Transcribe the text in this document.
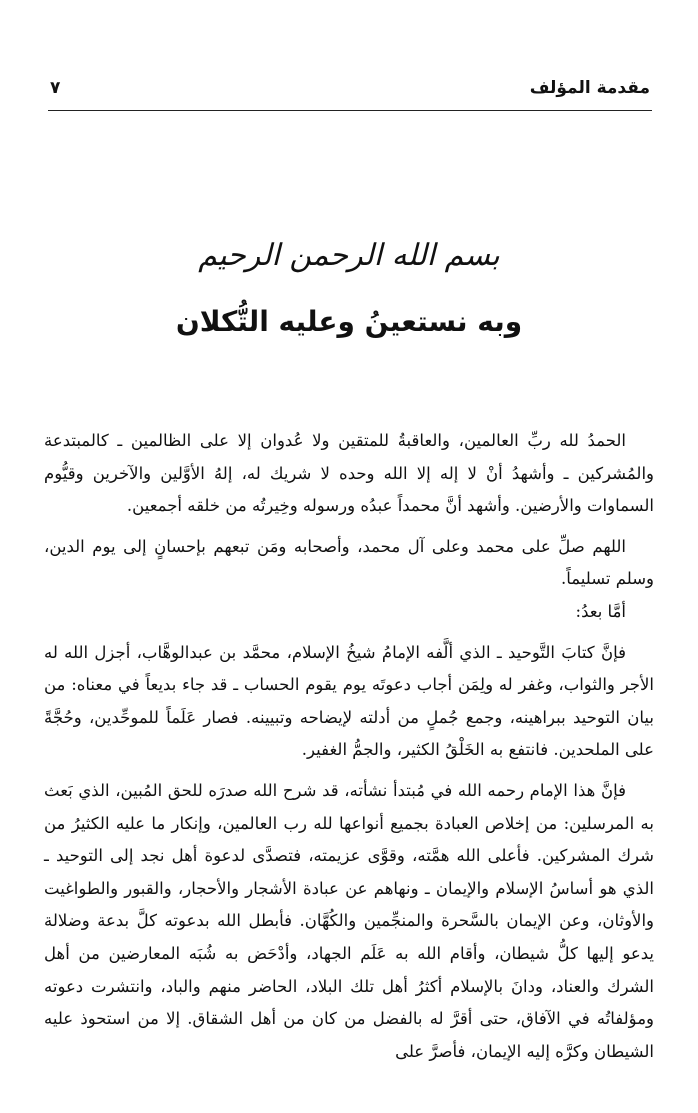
مقدمة المؤلف
٧
بسم الله الرحمن الرحيم
وبه نستعينُ وعليه التُّكلان

الحمدُ لله ربِّ العالمين، والعاقبةُ للمتقين ولا عُدوان إلا على الظالمين ـ كالمبتدعة والمُشركين ـ وأشهدُ أنْ لا إله إلا الله وحده لا شريك له، إلهُ الأوَّلين والآخرين وقيُّوم السماوات والأرضين. وأشهد أنَّ محمداً عبدُه ورسوله وخِيرتُه من خلقه أجمعين.

اللهم صلِّ على محمد وعلى آل محمد، وأصحابه ومَن تبعهم بإحسانٍ إلى يوم الدين، وسلم تسليماً.

أمَّا بعدُ:

فإنَّ كتابَ التَّوحيد ـ الذي ألَّفه الإمامُ شيخُ الإسلام، محمَّد بن عبدالوهَّاب، أجزل الله له الأجر والثواب، وغفر له ولِمَن أجاب دعوتَه يوم يقوم الحساب ـ قد جاء بديعاً في معناه: من بيان التوحيد ببراهينه، وجمع جُملٍ من أدلته لإيضاحه وتبيينه. فصار عَلَماً للموحِّدين، وحُجَّةً على الملحدين. فانتفع به الخَلْقُ الكثير، والجمُّ الغفير.

فإنَّ هذا الإمام رحمه الله في مُبتدأ نشأته، قد شرح الله صدرَه للحق المُبين، الذي بَعث به المرسلين: من إخلاص العبادة بجميع أنواعها لله رب العالمين، وإنكار ما عليه الكثيرُ من شرك المشركين. فأعلى الله همَّته، وقوَّى عزيمته، فتصدَّى لدعوة أهل نجد إلى التوحيد ـ الذي هو أساسُ الإسلام والإيمان ـ ونهاهم عن عبادة الأشجار والأحجار، والقبور والطواغيت والأوثان، وعن الإيمان بالسَّحرة والمنجِّمين والكُهَّان. فأبطل الله بدعوته كلَّ بدعة وضلالة يدعو إليها كلُّ شيطان، وأقام الله به عَلَم الجهاد، وأدْحَض به شُبَه المعارضين من أهل الشرك والعناد، ودانَ بالإسلام أكثرُ أهل تلك البلاد، الحاضر منهم والباد، وانتشرت دعوته ومؤلفاتُه في الآفاق، حتى أقرَّ له بالفضل من كان من أهل الشقاق. إلا من استحوذ عليه الشيطان وكرَّه إليه الإيمان، فأصرَّ على
